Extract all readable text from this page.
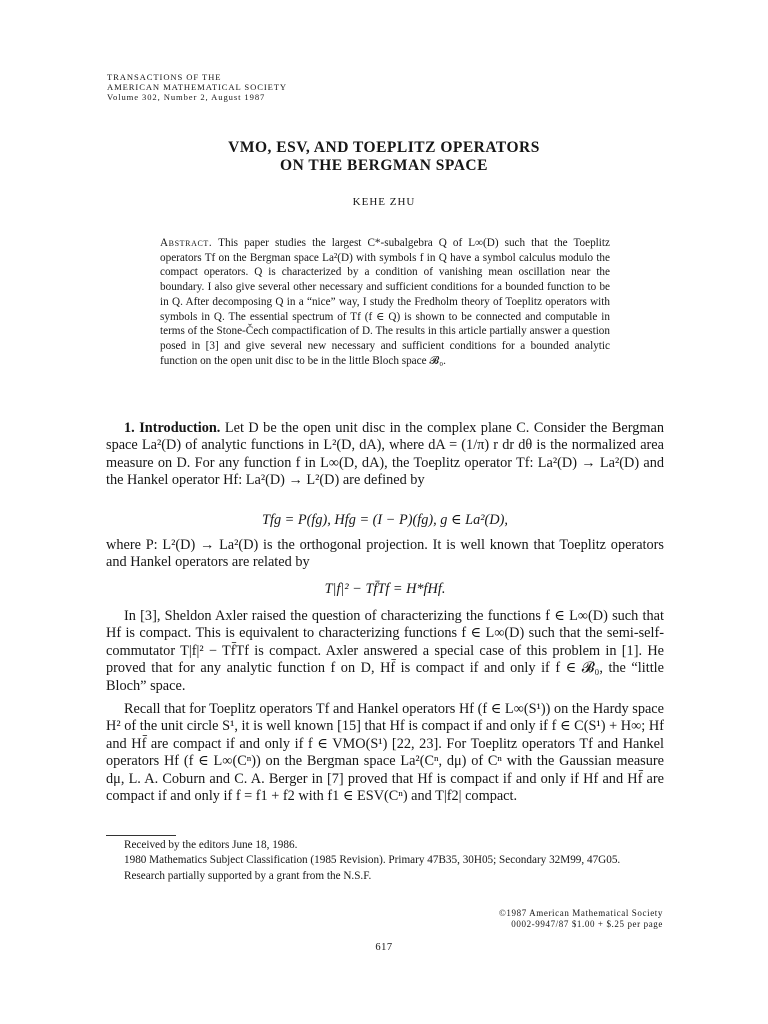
TRANSACTIONS OF THE
AMERICAN MATHEMATICAL SOCIETY
Volume 302, Number 2, August 1987
VMO, ESV, AND TOEPLITZ OPERATORS
ON THE BERGMAN SPACE
KEHE ZHU
Abstract. This paper studies the largest C*-subalgebra Q of L∞(D) such that the Toeplitz operators Tf on the Bergman space La²(D) with symbols f in Q have a symbol calculus modulo the compact operators. Q is characterized by a condition of vanishing mean oscillation near the boundary. I also give several other necessary and sufficient conditions for a bounded function to be in Q. After decomposing Q in a “nice” way, I study the Fredholm theory of Toeplitz operators with symbols in Q. The essential spectrum of Tf (f ∈ Q) is shown to be connected and computable in terms of the Stone-Čech compactification of D. The results in this article partially answer a question posed in [3] and give several new necessary and sufficient conditions for a bounded analytic function on the open unit disc to be in the little Bloch space 𝓑₀.
1. Introduction. Let D be the open unit disc in the complex plane C. Consider the Bergman space La²(D) of analytic functions in L²(D, dA), where dA = (1/π) r dr dθ is the normalized area measure on D. For any function f in L∞(D, dA), the Toeplitz operator Tf: La²(D) → La²(D) and the Hankel operator Hf: La²(D) → L²(D) are defined by
Tfg = P(fg), Hfg = (I − P)(fg), g ∈ La²(D),
where P: L²(D) → La²(D) is the orthogonal projection. It is well known that Toeplitz operators and Hankel operators are related by
T|f|² − Tf̄Tf = H*fHf.
In [3], Sheldon Axler raised the question of characterizing the functions f ∈ L∞(D) such that Hf is compact. This is equivalent to characterizing functions f ∈ L∞(D) such that the semi-self-commutator T|f|² − Tf̄Tf is compact. Axler answered a special case of this problem in [1]. He proved that for any analytic function f on D, Hf̄ is compact if and only if f ∈ 𝓑₀, the “little Bloch” space.
Recall that for Toeplitz operators Tf and Hankel operators Hf (f ∈ L∞(S¹)) on the Hardy space H² of the unit circle S¹, it is well known [15] that Hf is compact if and only if f ∈ C(S¹) + H∞; Hf and Hf̄ are compact if and only if f ∈ VMO(S¹) [22, 23]. For Toeplitz operators Tf and Hankel operators Hf (f ∈ L∞(Cⁿ)) on the Bergman space La²(Cⁿ, dμ) of Cⁿ with the Gaussian measure dμ, L. A. Coburn and C. A. Berger in [7] proved that Hf is compact if and only if Hf and Hf̄ are compact if and only if f = f1 + f2 with f1 ∈ ESV(Cⁿ) and T|f2| compact.

Received by the editors June 18, 1986.

1980 Mathematics Subject Classification (1985 Revision). Primary 47B35, 30H05; Secondary 32M99, 47G05.

Research partially supported by a grant from the N.S.F.

©1987 American Mathematical Society
0002-9947/87 $1.00 + $.25 per page
617
